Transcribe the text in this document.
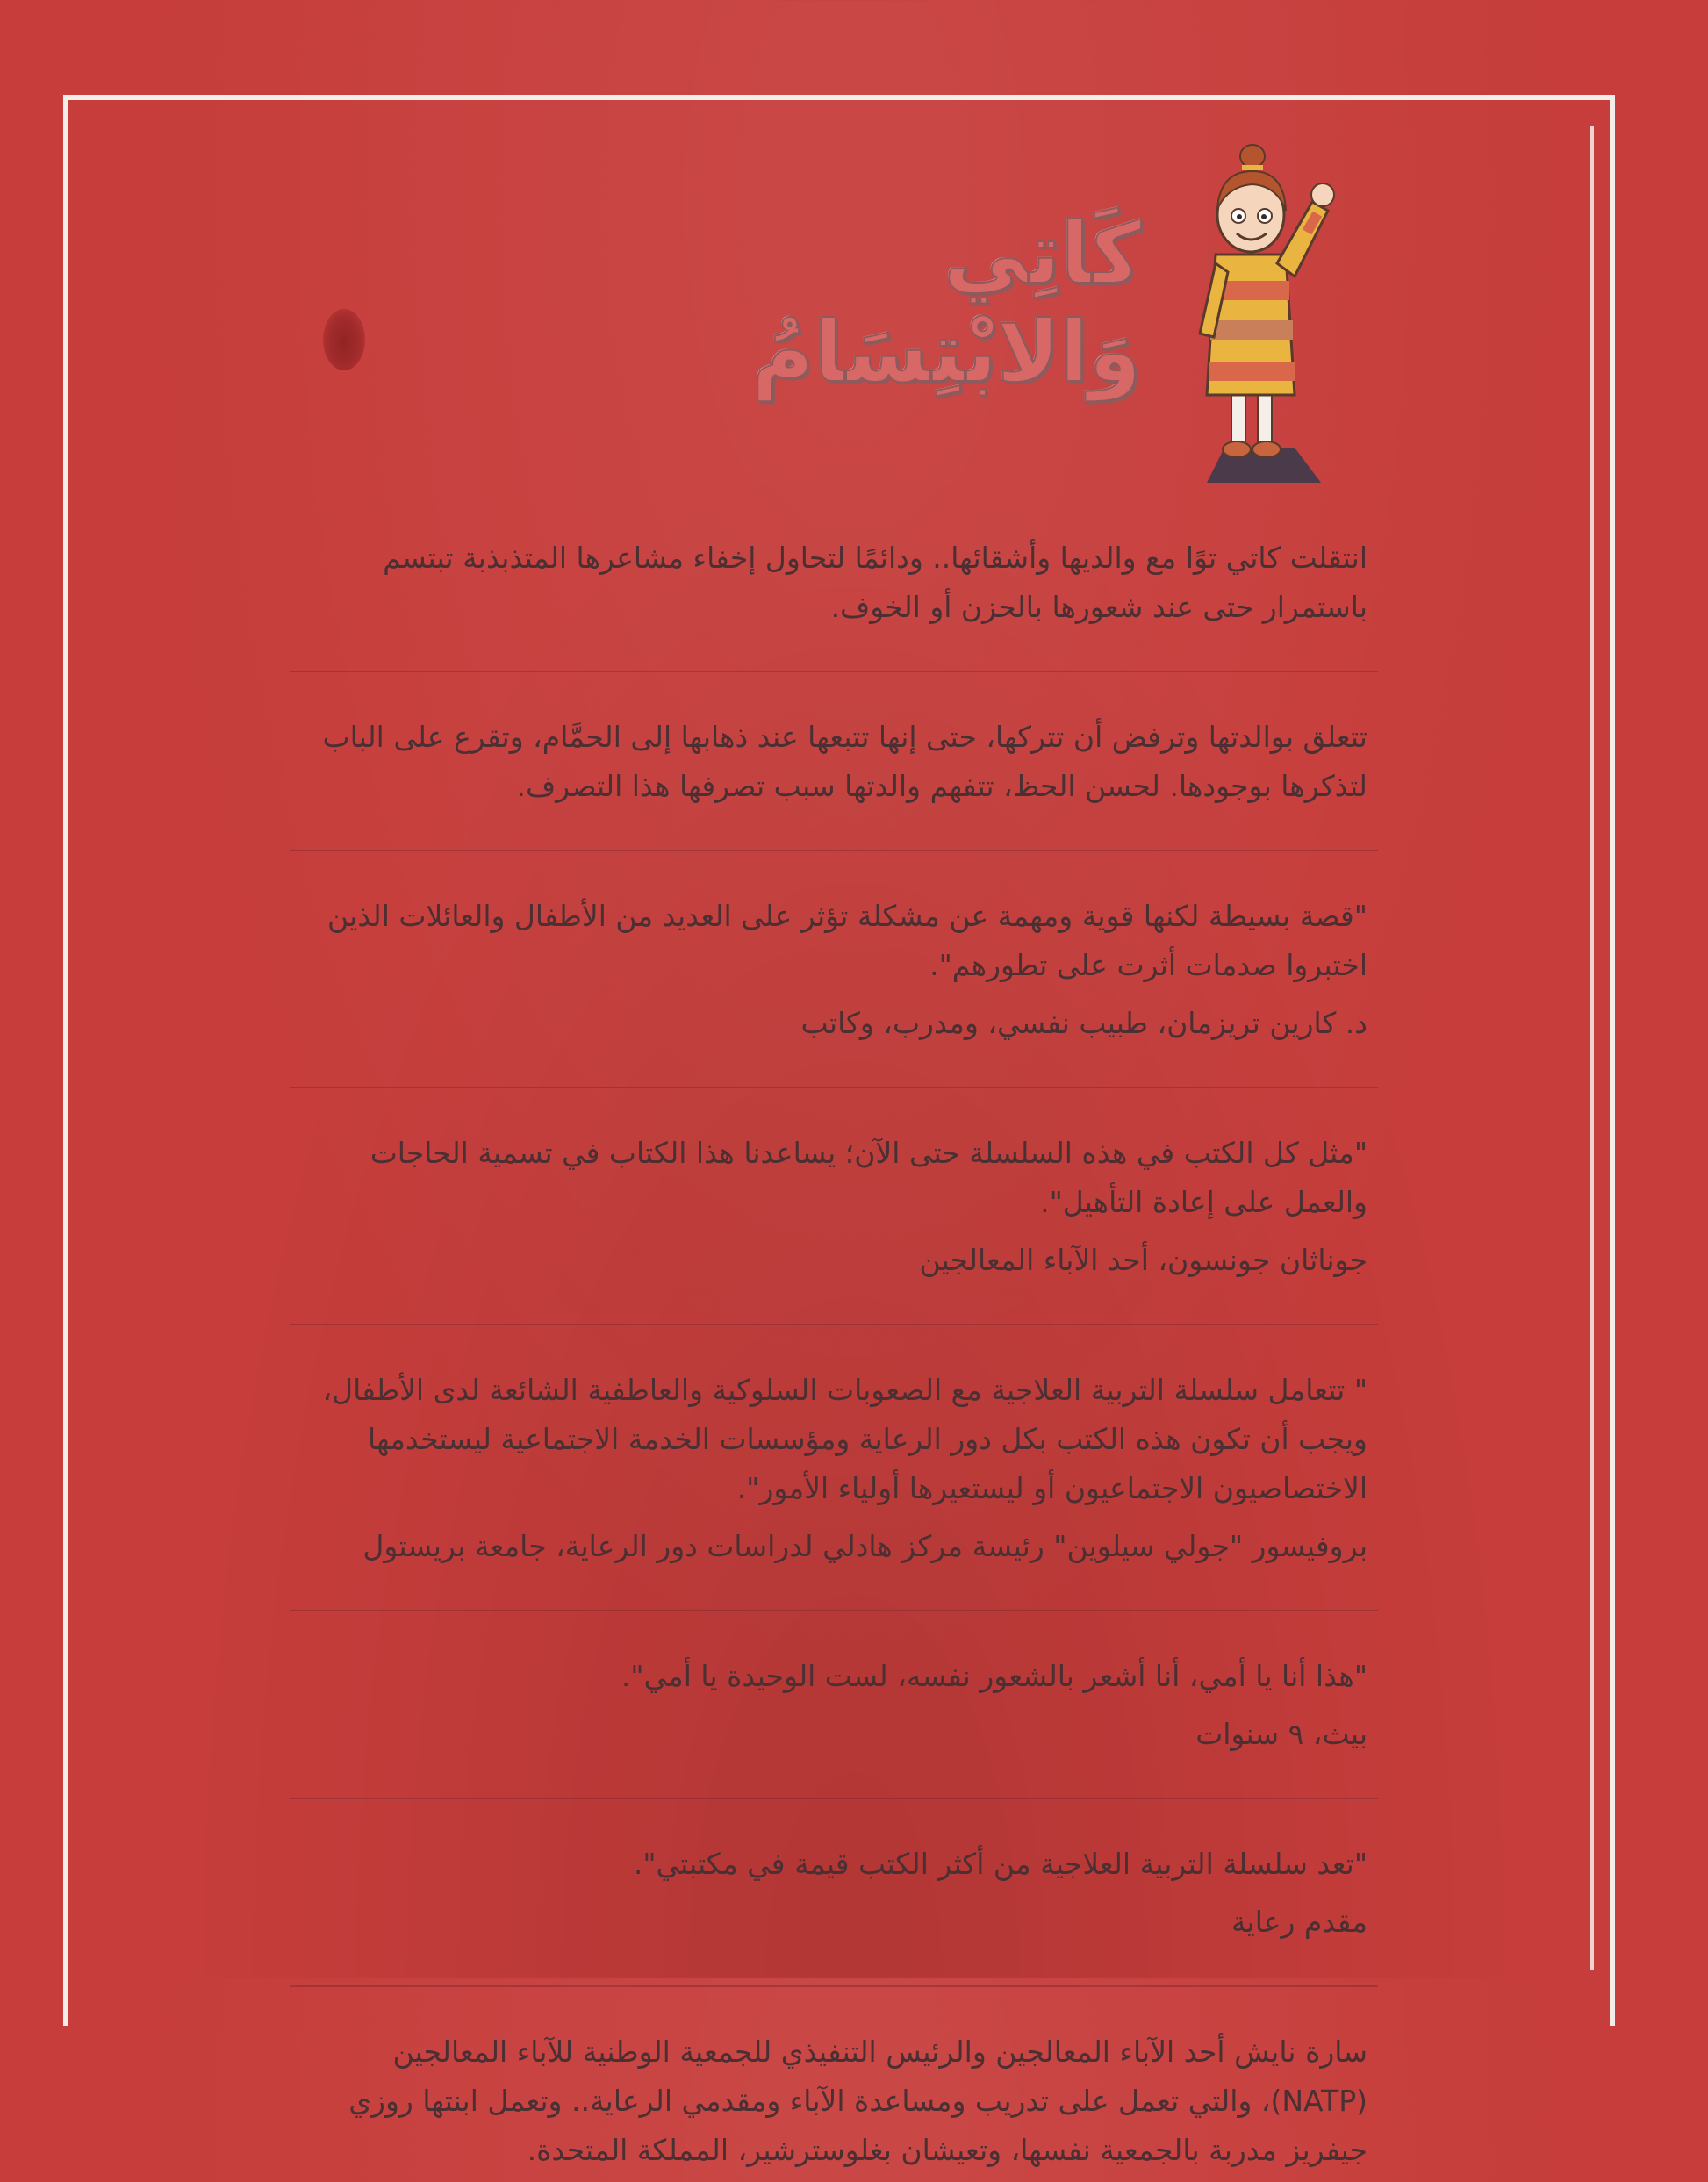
كَاتِي وَالابْتِسَامُ

انتقلت كاتي توًا مع والديها وأشقائها.. ودائمًا لتحاول إخفاء مشاعرها المتذبذبة تبتسم باستمرار حتى عند شعورها بالحزن أو الخوف.

تتعلق بوالدتها وترفض أن تتركها، حتى إنها تتبعها عند ذهابها إلى الحمَّام، وتقرع على الباب لتذكرها بوجودها. لحسن الحظ، تتفهم والدتها سبب تصرفها هذا التصرف.

"قصة بسيطة لكنها قوية ومهمة عن مشكلة تؤثر على العديد من الأطفال والعائلات الذين اختبروا صدمات أثرت على تطورهم".

د. كارين تريزمان، طبيب نفسي، ومدرب، وكاتب

"مثل كل الكتب في هذه السلسلة حتى الآن؛ يساعدنا هذا الكتاب في تسمية الحاجات والعمل على إعادة التأهيل".

جوناثان جونسون، أحد الآباء المعالجين

" تتعامل سلسلة التربية العلاجية مع الصعوبات السلوكية والعاطفية الشائعة لدى الأطفال، ويجب أن تكون هذه الكتب بكل دور الرعاية ومؤسسات الخدمة الاجتماعية ليستخدمها الاختصاصيون الاجتماعيون أو ليستعيرها أولياء الأمور".

بروفيسور "جولي سيلوين" رئيسة مركز هادلي لدراسات دور الرعاية، جامعة بريستول

"هذا أنا يا أمي، أنا أشعر بالشعور نفسه، لست الوحيدة يا أمي".

بيث، ٩ سنوات

"تعد سلسلة التربية العلاجية من أكثر الكتب قيمة في مكتبتي".

مقدم رعاية

سارة نايش أحد الآباء المعالجين والرئيس التنفيذي للجمعية الوطنية للآباء المعالجين (NATP)، والتي تعمل على تدريب ومساعدة الآباء ومقدمي الرعاية.. وتعمل ابنتها روزي جيفريز مدربة بالجمعية نفسها، وتعيشان بغلوسترشير، المملكة المتحدة.
